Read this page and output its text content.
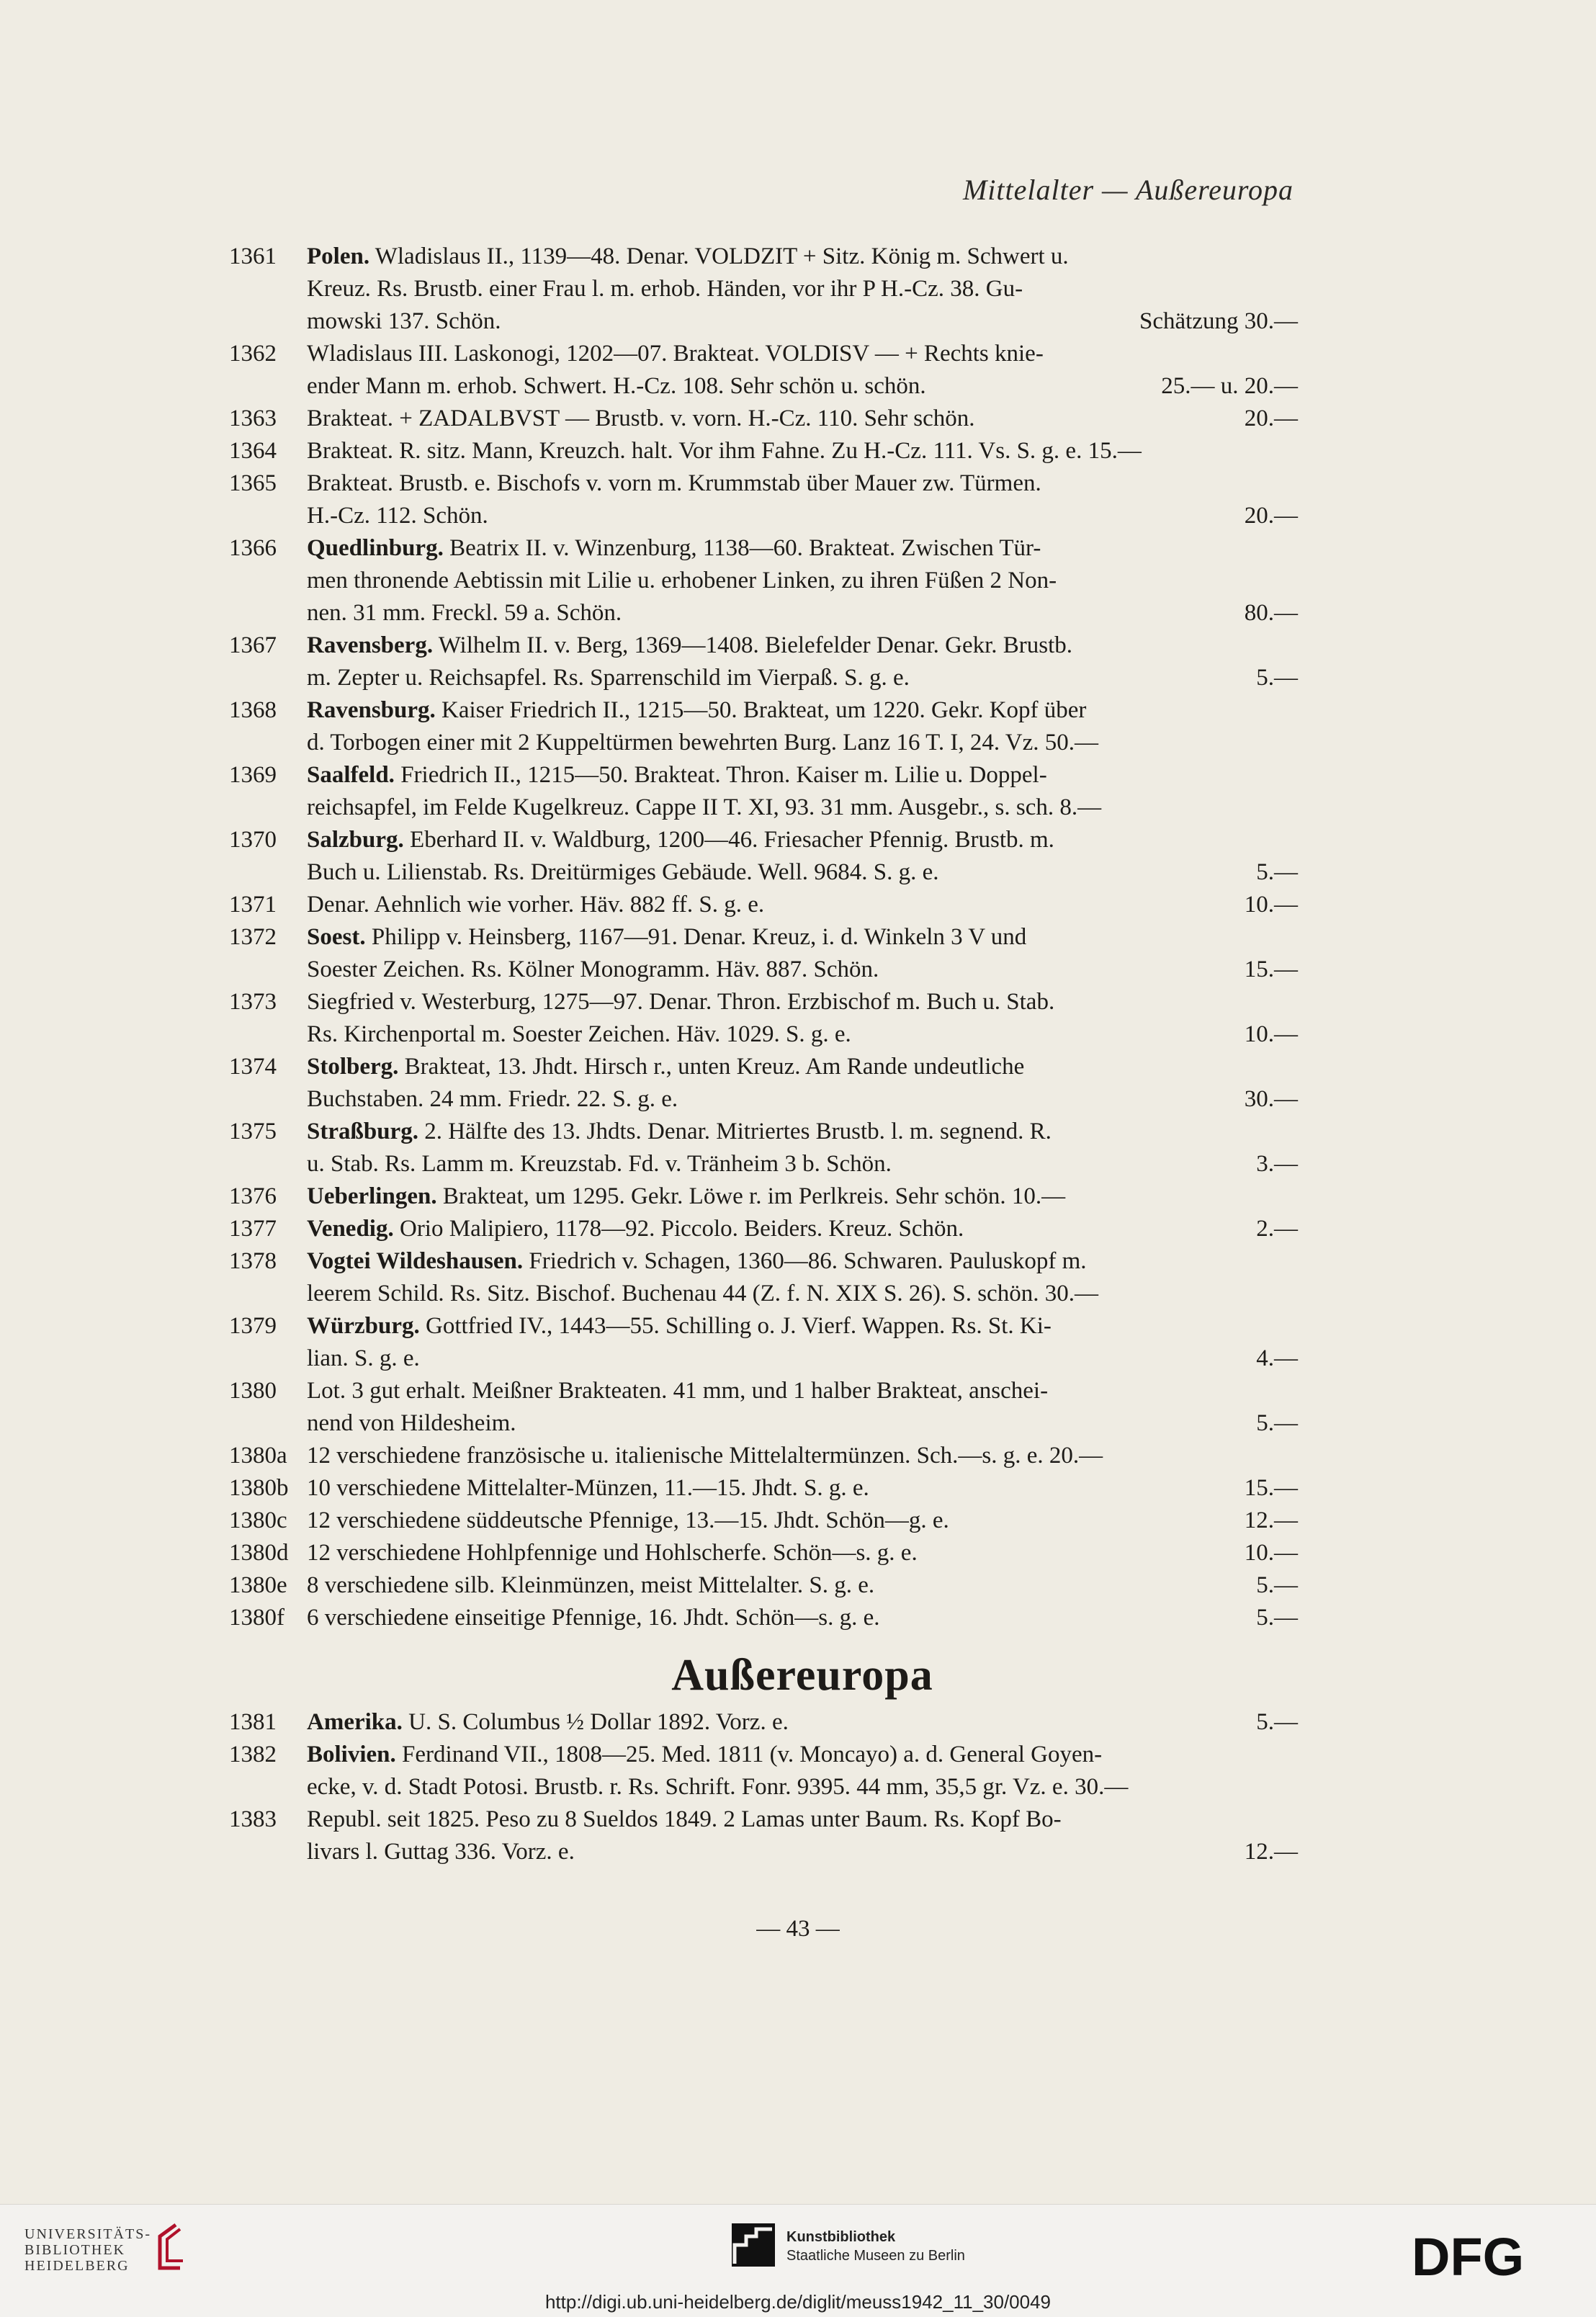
Mittelalter — Außereuropa
1361 Polen. Wladislaus II., 1139—48. Denar. VOLDZIT + Sitz. König m. Schwert u.
Kreuz. Rs. Brustb. einer Frau l. m. erhob. Händen, vor ihr P H.-Cz. 38. Gu-
mowski 137. Schön.	Schätzung 30.—
1362 Wladislaus III. Laskonogi, 1202—07. Brakteat. VOLDISV — + Rechts knie-
ender Mann m. erhob. Schwert. H.-Cz. 108. Sehr schön u. schön.	25.— u. 20.—
1363 Brakteat. + ZADALBVST — Brustb. v. vorn. H.-Cz. 110. Sehr schön.	20.—
1364 Brakteat. R. sitz. Mann, Kreuzch. halt. Vor ihm Fahne. Zu H.-Cz. 111. Vs. S. g. e. 15.—
1365 Brakteat. Brustb. e. Bischofs v. vorn m. Krummstab über Mauer zw. Türmen.
H.-Cz. 112. Schön.	20.—
1366 Quedlinburg. Beatrix II. v. Winzenburg, 1138—60. Brakteat. Zwischen Tür-
men thronende Aebtissin mit Lilie u. erhobener Linken, zu ihren Füßen 2 Non-
nen. 31 mm. Freckl. 59 a. Schön.	80.—
1367 Ravensberg. Wilhelm II. v. Berg, 1369—1408. Bielefelder Denar. Gekr. Brustb.
m. Zepter u. Reichsapfel. Rs. Sparrenschild im Vierpaß. S. g. e.	5.—
1368 Ravensburg. Kaiser Friedrich II., 1215—50. Brakteat, um 1220. Gekr. Kopf über
d. Torbogen einer mit 2 Kuppeltürmen bewehrten Burg. Lanz 16 T. I, 24. Vz. 50.—
1369 Saalfeld. Friedrich II., 1215—50. Brakteat. Thron. Kaiser m. Lilie u. Doppel-
reichsapfel, im Felde Kugelkreuz. Cappe II T. XI, 93. 31 mm. Ausgebr., s. sch. 8.—
1370 Salzburg. Eberhard II. v. Waldburg, 1200—46. Friesacher Pfennig. Brustb. m.
Buch u. Lilienstab. Rs. Dreitürmiges Gebäude. Well. 9684. S. g. e.	5.—
1371 Denar. Aehnlich wie vorher. Häv. 882 ff. S. g. e.	10.—
1372 Soest. Philipp v. Heinsberg, 1167—91. Denar. Kreuz, i. d. Winkeln 3 V und
Soester Zeichen. Rs. Kölner Monogramm. Häv. 887. Schön.	15.—
1373 Siegfried v. Westerburg, 1275—97. Denar. Thron. Erzbischof m. Buch u. Stab.
Rs. Kirchenportal m. Soester Zeichen. Häv. 1029. S. g. e.	10.—
1374 Stolberg. Brakteat, 13. Jhdt. Hirsch r., unten Kreuz. Am Rande undeutliche
Buchstaben. 24 mm. Friedr. 22. S. g. e.	30.—
1375 Straßburg. 2. Hälfte des 13. Jhdts. Denar. Mitriertes Brustb. l. m. segnend. R.
u. Stab. Rs. Lamm m. Kreuzstab. Fd. v. Tränheim 3 b. Schön.	3.—
1376 Ueberlingen. Brakteat, um 1295. Gekr. Löwe r. im Perlkreis. Sehr schön. 10.—
1377 Venedig. Orio Malipiero, 1178—92. Piccolo. Beiders. Kreuz. Schön.	2.—
1378 Vogtei Wildeshausen. Friedrich v. Schagen, 1360—86. Schwaren. Pauluskopf m.
leerem Schild. Rs. Sitz. Bischof. Buchenau 44 (Z. f. N. XIX S. 26). S. schön. 30.—
1379 Würzburg. Gottfried IV., 1443—55. Schilling o. J. Vierf. Wappen. Rs. St. Ki-
lian. S. g. e.	4.—
1380 Lot. 3 gut erhalt. Meißner Brakteaten. 41 mm, und 1 halber Brakteat, anschei-
nend von Hildesheim.	5.—
1380a 12 verschiedene französische u. italienische Mittelaltermünzen. Sch.—s. g. e. 20.—
1380b 10 verschiedene Mittelalter-Münzen, 11.—15. Jhdt. S. g. e.	15.—
1380c 12 verschiedene süddeutsche Pfennige, 13.—15. Jhdt. Schön—g. e.	12.—
1380d 12 verschiedene Hohlpfennige und Hohlscherfe. Schön—s. g. e.	10.—
1380e 8 verschiedene silb. Kleinmünzen, meist Mittelalter. S. g. e.	5.—
1380f 6 verschiedene einseitige Pfennige, 16. Jhdt. Schön—s. g. e.	5.—
Außereuropa
1381 Amerika. U. S. Columbus ½ Dollar 1892. Vorz. e.	5.—
1382 Bolivien. Ferdinand VII., 1808—25. Med. 1811 (v. Moncayo) a. d. General Goyen-
ecke, v. d. Stadt Potosi. Brustb. r. Rs. Schrift. Fonr. 9395. 44 mm, 35,5 gr. Vz. e. 30.—
1383 Republ. seit 1825. Peso zu 8 Sueldos 1849. 2 Lamas unter Baum. Rs. Kopf Bo-
livars l. Guttag 336. Vorz. e.	12.—
— 43 —
UNIVERSITÄTS-
BIBLIOTHEK
HEIDELBERG
Kunstbibliothek
Staatliche Museen zu Berlin	DFG
http://digi.ub.uni-heidelberg.de/diglit/meuss1942_11_30/0049
